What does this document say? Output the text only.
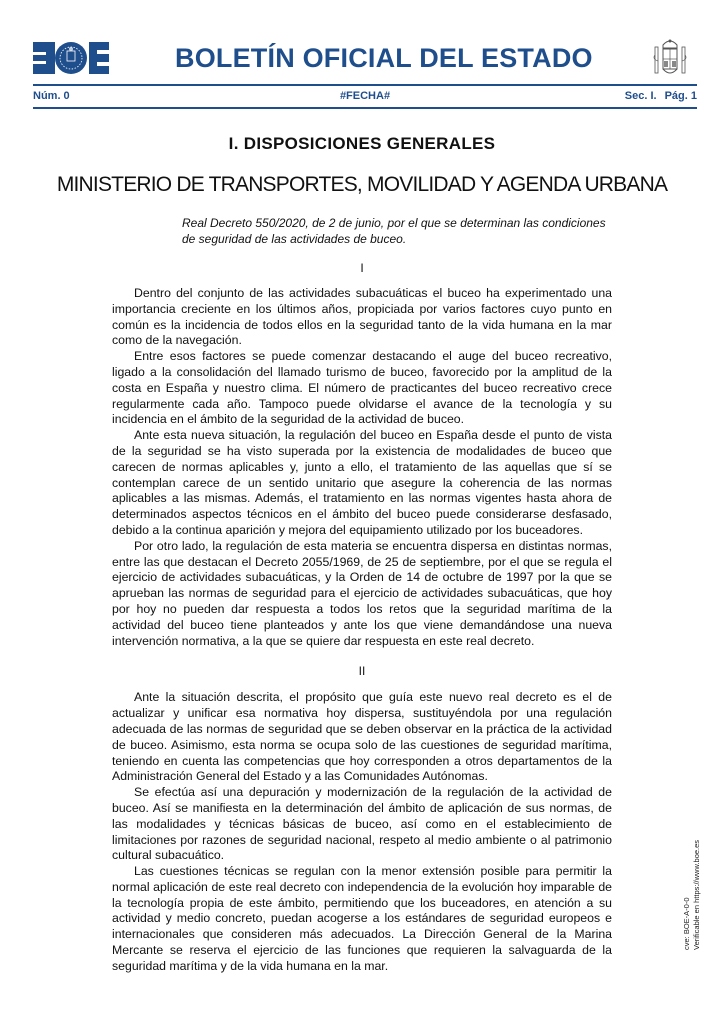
BOLETÍN OFICIAL DEL ESTADO
Núm. 0	#FECHA#	Sec. I. Pág. 1
I. DISPOSICIONES GENERALES
MINISTERIO DE TRANSPORTES, MOVILIDAD Y AGENDA URBANA
Real Decreto 550/2020, de 2 de junio, por el que se determinan las condiciones de seguridad de las actividades de buceo.
I

Dentro del conjunto de las actividades subacuáticas el buceo ha experimentado una importancia creciente en los últimos años, propiciada por varios factores cuyo punto en común es la incidencia de todos ellos en la seguridad tanto de la vida humana en la mar como de la navegación.

Entre esos factores se puede comenzar destacando el auge del buceo recreativo, ligado a la consolidación del llamado turismo de buceo, favorecido por la amplitud de la costa en España y nuestro clima. El número de practicantes del buceo recreativo crece regularmente cada año. Tampoco puede olvidarse el avance de la tecnología y su incidencia en el ámbito de la seguridad de la actividad de buceo.

Ante esta nueva situación, la regulación del buceo en España desde el punto de vista de la seguridad se ha visto superada por la existencia de modalidades de buceo que carecen de normas aplicables y, junto a ello, el tratamiento de las aquellas que sí se contemplan carece de un sentido unitario que asegure la coherencia de las normas aplicables a las mismas. Además, el tratamiento en las normas vigentes hasta ahora de determinados aspectos técnicos en el ámbito del buceo puede considerarse desfasado, debido a la continua aparición y mejora del equipamiento utilizado por los buceadores.

Por otro lado, la regulación de esta materia se encuentra dispersa en distintas normas, entre las que destacan el Decreto 2055/1969, de 25 de septiembre, por el que se regula el ejercicio de actividades subacuáticas, y la Orden de 14 de octubre de 1997 por la que se aprueban las normas de seguridad para el ejercicio de actividades subacuáticas, que hoy por hoy no pueden dar respuesta a todos los retos que la seguridad marítima de la actividad del buceo tiene planteados y ante los que viene demandándose una nueva intervención normativa, a la que se quiere dar respuesta en este real decreto.

II

Ante la situación descrita, el propósito que guía este nuevo real decreto es el de actualizar y unificar esa normativa hoy dispersa, sustituyéndola por una regulación adecuada de las normas de seguridad que se deben observar en la práctica de la actividad de buceo. Asimismo, esta norma se ocupa solo de las cuestiones de seguridad marítima, teniendo en cuenta las competencias que hoy corresponden a otros departamentos de la Administración General del Estado y a las Comunidades Autónomas.

Se efectúa así una depuración y modernización de la regulación de la actividad de buceo. Así se manifiesta en la determinación del ámbito de aplicación de sus normas, de las modalidades y técnicas básicas de buceo, así como en el establecimiento de limitaciones por razones de seguridad nacional, respeto al medio ambiente o al patrimonio cultural subacuático.

Las cuestiones técnicas se regulan con la menor extensión posible para permitir la normal aplicación de este real decreto con independencia de la evolución hoy imparable de la tecnología propia de este ámbito, permitiendo que los buceadores, en atención a su actividad y medio concreto, puedan acogerse a los estándares de seguridad europeos e internacionales que consideren más adecuados. La Dirección General de la Marina Mercante se reserva el ejercicio de las funciones que requieren la salvaguarda de la seguridad marítima y de la vida humana en la mar.

cve: BOE-A-0-0 Verificable en https://www.boe.es
